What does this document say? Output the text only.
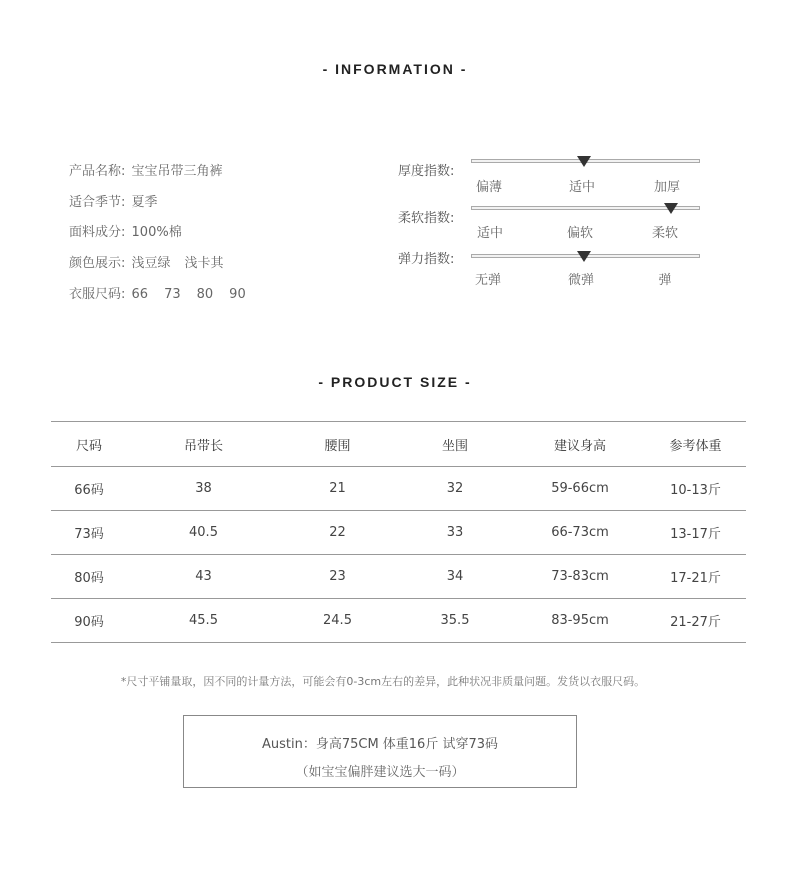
- INFORMATION -
产品名称: 宝宝吊带三角裤
适合季节: 夏季
面料成分: 100%棉
颜色展示: 浅豆绿 浅卡其
衣服尺码: 66 73 80 90
厚度指数:
偏薄	适中	加厚
柔软指数:
适中	偏软	柔软
弹力指数:
无弹	微弹	弹
- PRODUCT SIZE -
尺码	吊带长	腰围	坐围	建议身高	参考体重
66码	38	21	32	59-66cm	10-13斤
73码	40.5	22	33	66-73cm	13-17斤
80码	43	23	34	73-83cm	17-21斤
90码	45.5	24.5	35.5	83-95cm	21-27斤
*尺寸平铺量取，因不同的计量方法，可能会有0-3cm左右的差异，此种状况非质量问题。发货以衣服尺码。
Austin：身高75CM 体重16斤 试穿73码
（如宝宝偏胖建议选大一码）
